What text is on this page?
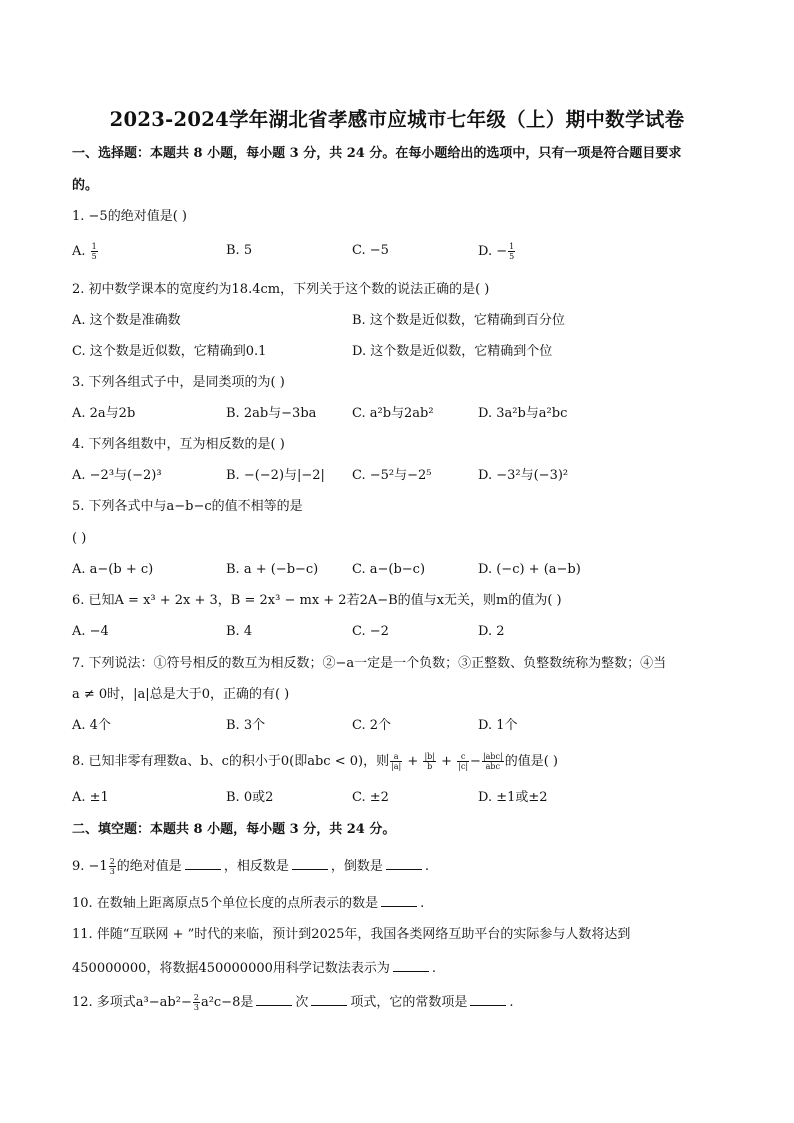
2023-2024学年湖北省孝感市应城市七年级（上）期中数学试卷
一、选择题：本题共 8 小题，每小题 3 分，共 24 分。在每小题给出的选项中，只有一项是符合题目要求
的。
1. −5的绝对值是( )
A. $\frac{1}{5}$	B. 5	C. −5	D. − $\frac{1}{5}$
2. 初中数学课本的宽度约为18.4cm，下列关于这个数的说法正确的是( )
A. 这个数是准确数	B. 这个数是近似数，它精确到百分位
C. 这个数是近似数，它精确到0.1	D. 这个数是近似数，它精确到个位
3. 下列各组式子中，是同类项的为( )
A. 2a与2b	B. 2ab与−3ba	C. a²b与2ab²	D. 3a²b与a²bc
4. 下列各组数中，互为相反数的是( )
A. −2³与(−2)³	B. −(−2)与|−2| C. −5²与−2⁵	D. −3²与(−3)²
5. 下列各式中与a−b−c的值不相等的是
( )
A. a−(b + c)	B. a + (−b−c)	C. a−(b−c)	D. (−c) + (a−b)
6. 已知A = x³ + 2x + 3，B = 2x³ − mx + 2若2A−B的值与x无关，则m的值为( )
A. −4	B. 4	C. −2	D. 2
7. 下列说法：①符号相反的数互为相反数；②−a一定是一个负数；③正整数、负整数统称为整数；④当
a ≠ 0时，|a|总是大于0，正确的有( )
A. 4个	B. 3个	C. 2个	D. 1个
8. 已知非零有理数a、b、c的积小于0(即abc < 0)，则 $\frac{a}{|a|} + \frac{|b|}{b} + \frac{c}{|c|} - \frac{\text{|abc|}}{\text{abc}}$ 的值是( )
A. ±1	B. 0或2	C. ±2	D. ±1或±2
二、填空题：本题共 8 小题，每小题 3 分，共 24 分。
9. $-1 \frac{2}{3}$ 的绝对值是	，相反数是	，倒数是	.
10. 在数轴上距离原点5个单位长度的点所表示的数是	.
11. 伴随“互联网 + ”时代的来临，预计到2025年，我国各类网络互助平台的实际参与人数将达到
450000000，将数据450000000用科学记数法表示为	.
12. 多项式$a^3-ab^2- \frac{2}{3} a^2c-8$是	次	项式，它的常数项是	.
